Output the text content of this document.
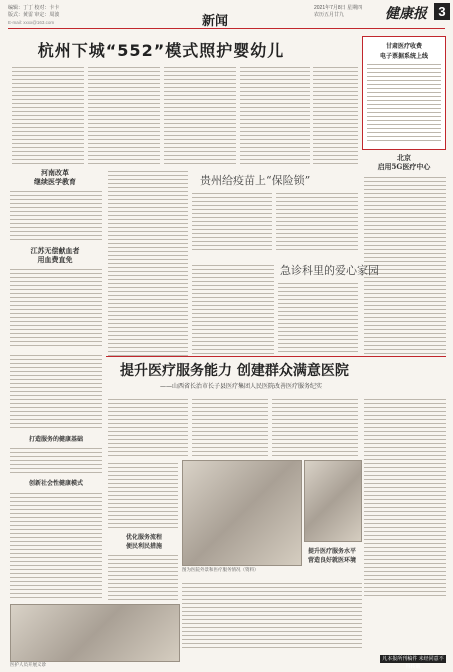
编辑：丁丁 校对：卡卡
版式：黄雷 审定：周波
E-mail: xxxx@163.com	新闻
2021年7月8日 星期四
农历五月廿九	健康报 3
杭州下城“552”模式照护婴幼儿	甘肃医疗收费
电子票据系统上线
北京
启用5G医疗中心
河南改革
继续医学教育
江苏无偿献血者
用血费直免
贵州给疫苗上“保险锁”
急诊科里的爱心家园
打造服务的健康基础
创新社会性健康模式
提升医疗服务能力 创建群众满意医院
——山西省长治市长子县医疗集团人民医院改善医疗服务纪实
图为医院外景和医疗服务情况（资料）
优化服务流程
便民利民措施
提升医疗服务水平
营造良好就医环境
医护人员开展义诊
凡本报所刊稿件 未经同意不得转载
